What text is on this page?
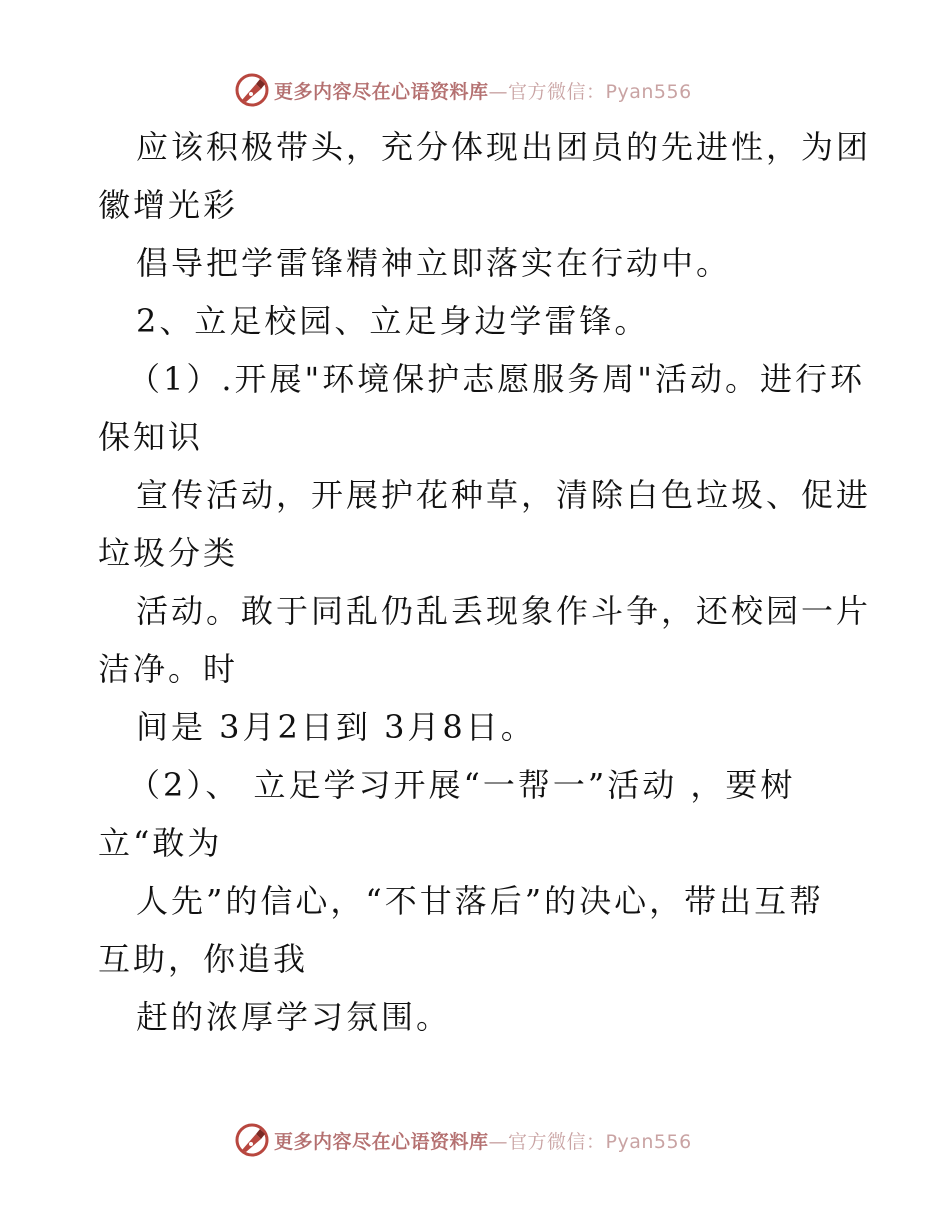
更多内容尽在心语资料库—官方微信：Pyan556
应该积极带头，充分体现出团员的先进性，为团
徽增光彩
倡导把学雷锋精神立即落实在行动中。
2、立足校园、立足身边学雷锋。
（1）.开展"环境保护志愿服务周"活动。进行环
保知识
宣传活动，开展护花种草，清除白色垃圾、促进
垃圾分类
活动。敢于同乱仍乱丢现象作斗争，还校园一片
洁净。时
间是 3月2日到 3月8日。
（2）、 立足学习开展“一帮一”活动 ，要树
立“敢为
人先”的信心，“不甘落后”的决心，带出互帮
互助，你追我
赶的浓厚学习氛围。
更多内容尽在心语资料库—官方微信：Pyan556
